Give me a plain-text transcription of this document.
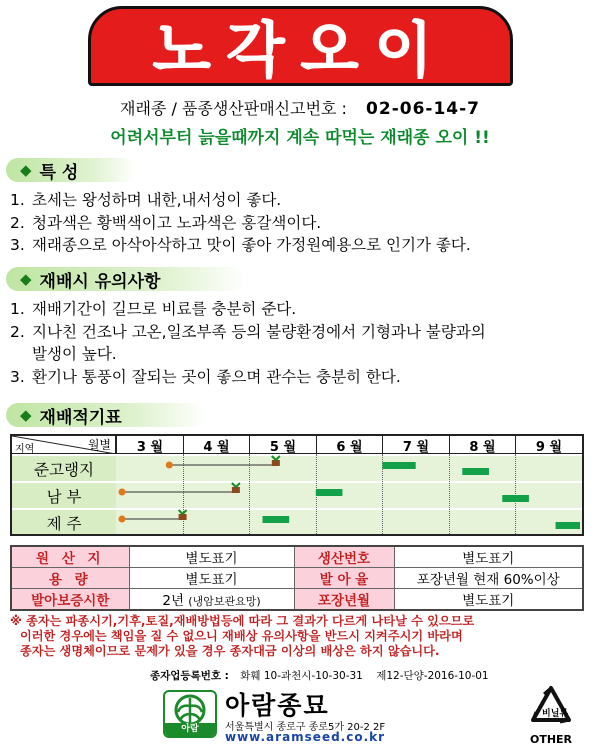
노각오이
재래종 / 품종생산판매신고번호 : 02-06-14-7
어려서부터 늙을때까지 계속 따먹는 재래종 오이 !!
◆ 특 성
1. 초세는 왕성하며 내한,내서성이 좋다.
2. 청과색은 황백색이고 노과색은 홍갈색이다.
3. 재래종으로 아삭아삭하고 맛이 좋아 가정원예용으로 인기가 좋다.
◆ 재배시 유의사항
1. 재배기간이 길므로 비료를 충분히 준다.
2. 지나친 건조나 고온,일조부족 등의 불량환경에서 기형과나 불량과의
발생이 높다.
3. 환기나 통풍이 잘되는 곳이 좋으며 관수는 충분히 한다.
◆ 재배적기표
지역	월별	3 월	4 월	5 월	6 월	7 월	8 월	9 월
준고랭지
남 부
제 주
원 산 지	별도표기	생산번호	별도표기
용 량	별도표기	발 아 율	포장년월 현재 60%이상
발아보증시한	2년 (냉암보관요망)	포장년월	별도표기
※ 종자는 파종시기,기후,토질,재배방법등에 따라 그 결과가 다르게 나타날 수 있으므로
이러한 경우에는 책임을 질 수 없으니 재배상 유의사항을 반드시 지켜주시기 바라며
종자는 생명체이므로 문제가 있을 경우 종자대금 이상의 배상은 하지 않습니다.
종자업등록번호 : 화훼 10-과천시-10-30-31 제12-단양-2016-10-01
아람
아람종묘
서울특별시 종로구 종로5가 20-2 2F
www.aramseed.co.kr
비닐류
OTHER
